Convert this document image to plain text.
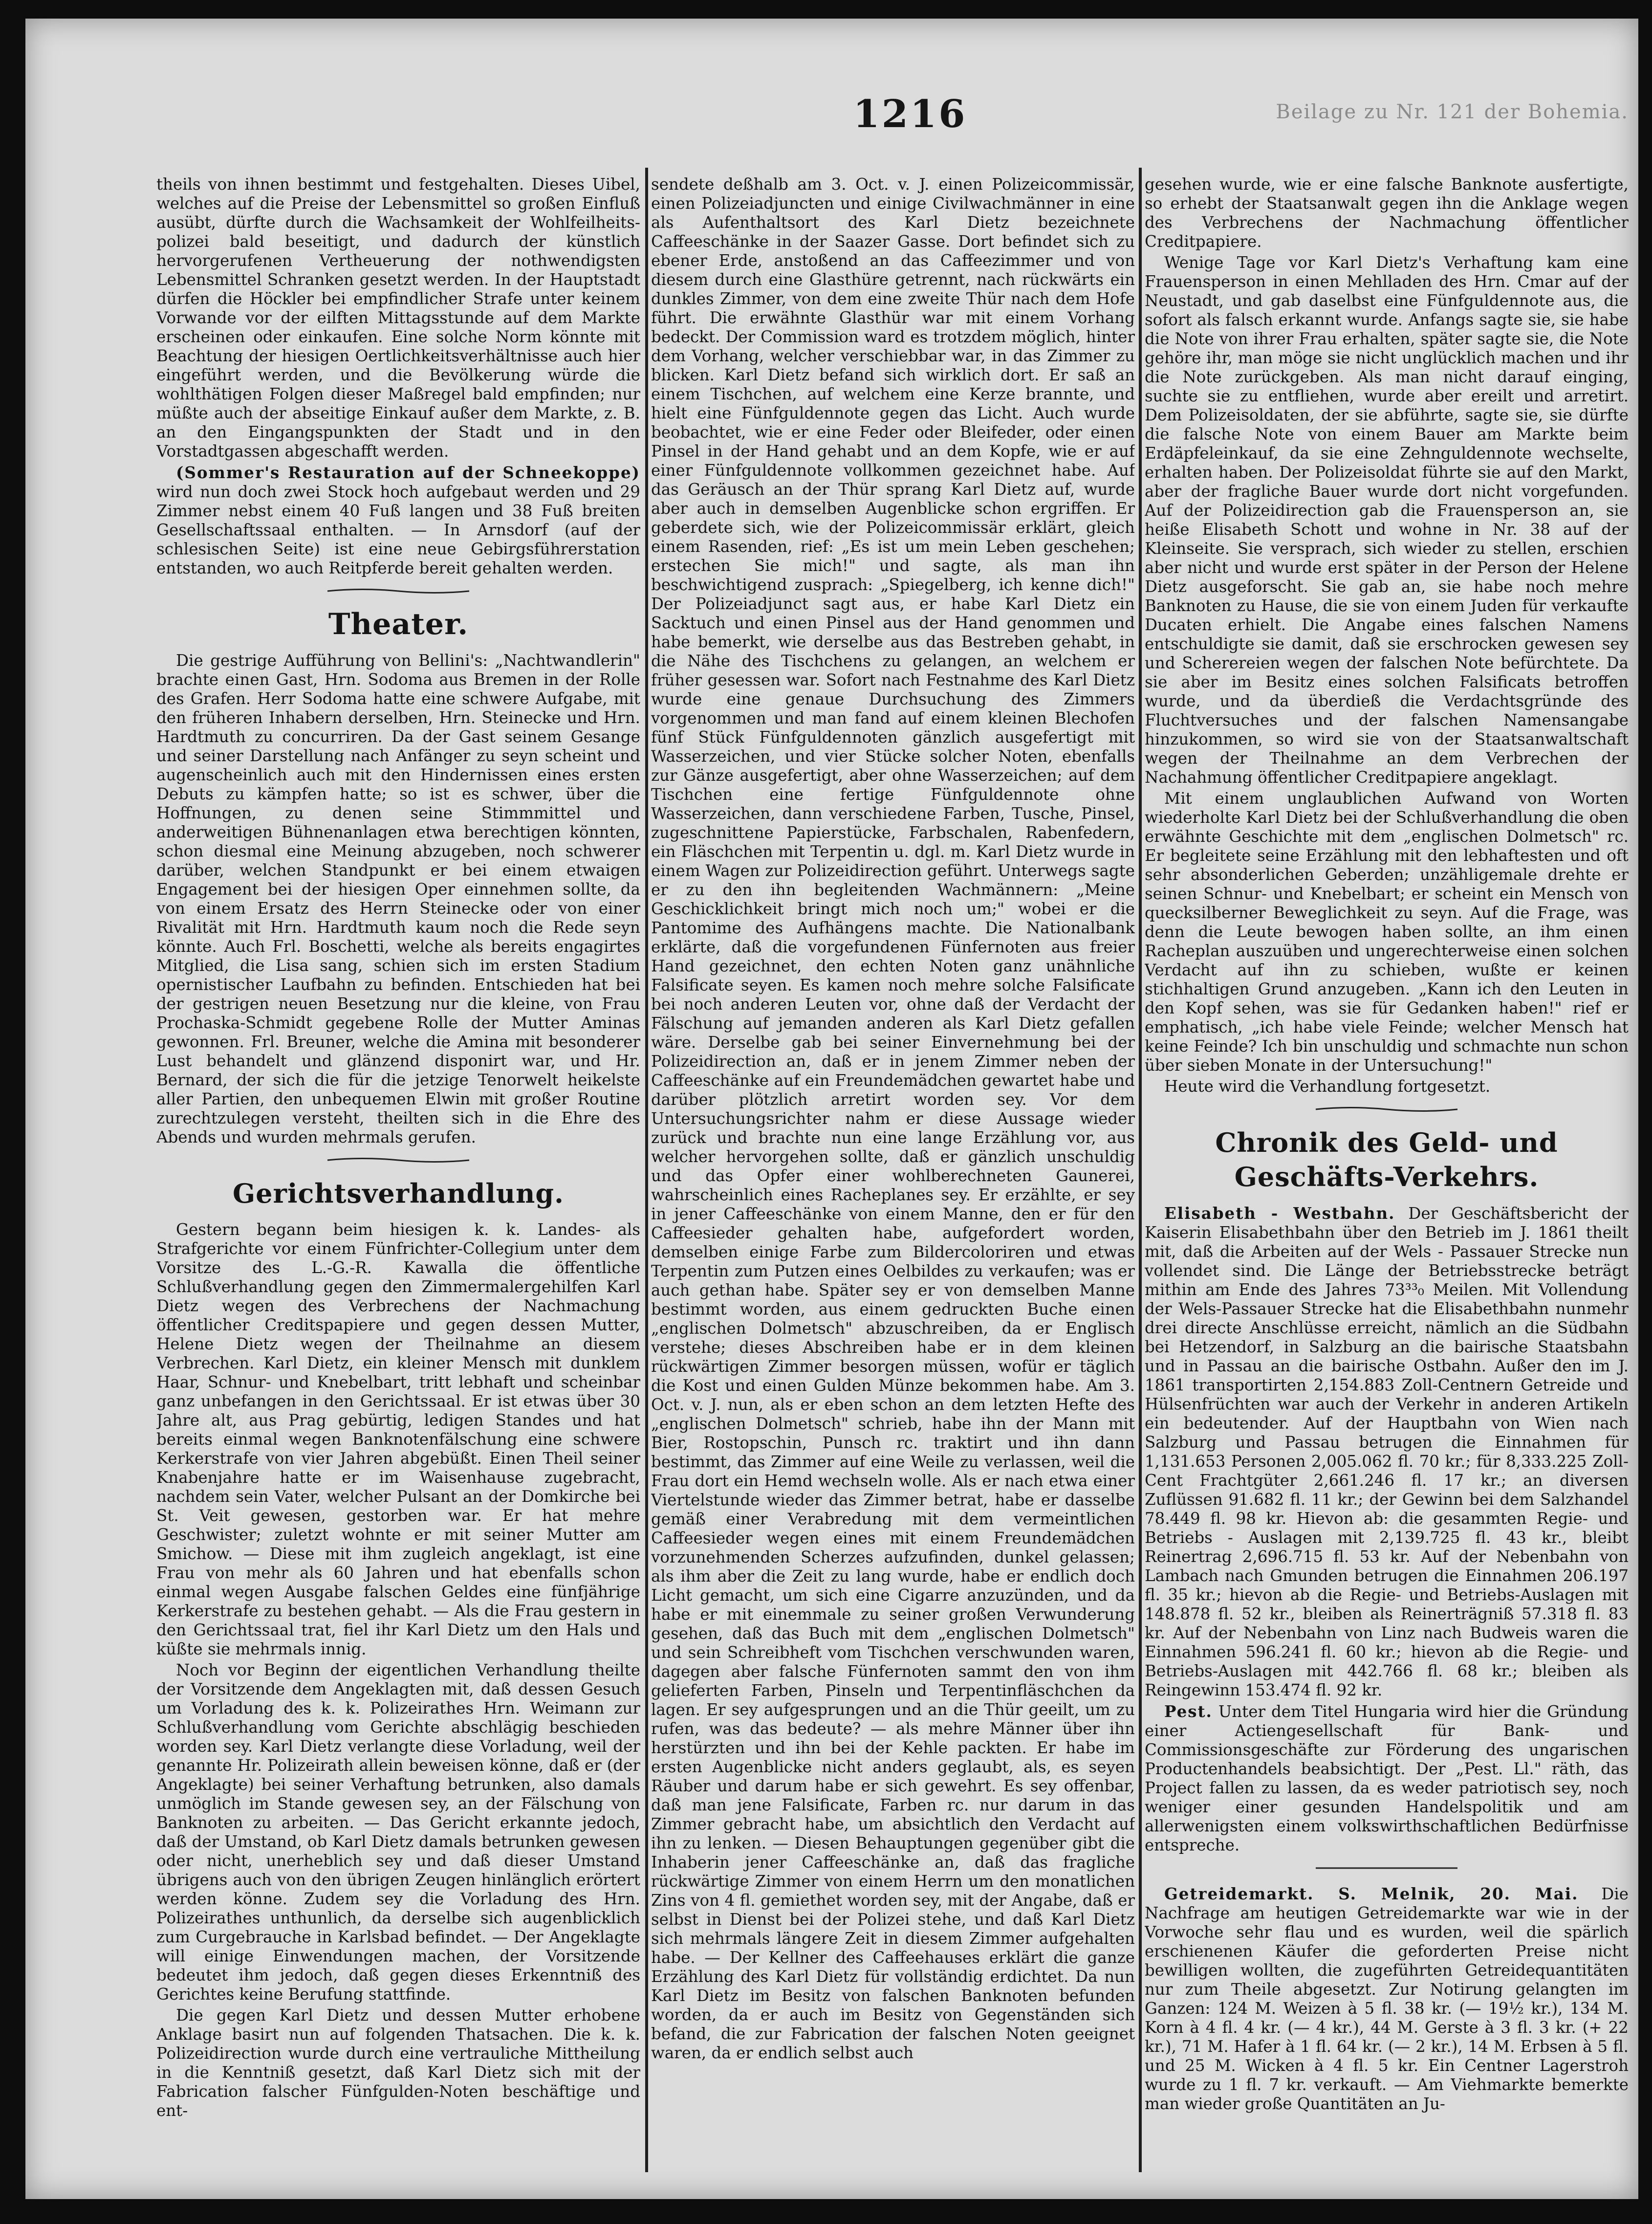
1216	Beilage zu Nr. 121 der Bohemia.

theils von ihnen bestimmt und festgehalten. Dieses Uibel, welches auf die Preise der Lebensmittel so großen Einfluß ausübt, dürfte durch die Wachsamkeit der Wohlfeilheits-polizei bald beseitigt, und dadurch der künstlich hervorgerufenen Vertheuerung der nothwendigsten Lebensmittel Schranken gesetzt werden. In der Hauptstadt dürfen die Höckler bei empfindlicher Strafe unter keinem Vorwande vor der eilften Mittagsstunde auf dem Markte erscheinen oder einkaufen. Eine solche Norm könnte mit Beachtung der hiesigen Oertlichkeitsverhältnisse auch hier eingeführt werden, und die Bevölkerung würde die wohlthätigen Folgen dieser Maßregel bald empfinden; nur müßte auch der abseitige Einkauf außer dem Markte, z. B. an den Eingangspunkten der Stadt und in den Vorstadtgassen abgeschafft werden.

(Sommer's Restauration auf der Schneekoppe) wird nun doch zwei Stock hoch aufgebaut werden und 29 Zimmer nebst einem 40 Fuß langen und 38 Fuß breiten Gesellschaftssaal enthalten. — In Arnsdorf (auf der schlesischen Seite) ist eine neue Gebirgsführerstation entstanden, wo auch Reitpferde bereit gehalten werden.

Theater.

Die gestrige Aufführung von Bellini's: „Nachtwandlerin" brachte einen Gast, Hrn. Sodoma aus Bremen in der Rolle des Grafen. Herr Sodoma hatte eine schwere Aufgabe, mit den früheren Inhabern derselben, Hrn. Steinecke und Hrn. Hardtmuth zu concurriren. Da der Gast seinem Gesange und seiner Darstellung nach Anfänger zu seyn scheint und augenscheinlich auch mit den Hindernissen eines ersten Debuts zu kämpfen hatte; so ist es schwer, über die Hoffnungen, zu denen seine Stimmmittel und anderweitigen Bühnenanlagen etwa berechtigen könnten, schon diesmal eine Meinung abzugeben, noch schwerer darüber, welchen Standpunkt er bei einem etwaigen Engagement bei der hiesigen Oper einnehmen sollte, da von einem Ersatz des Herrn Steinecke oder von einer Rivalität mit Hrn. Hardtmuth kaum noch die Rede seyn könnte. Auch Frl. Boschetti, welche als bereits engagirtes Mitglied, die Lisa sang, schien sich im ersten Stadium opernistischer Laufbahn zu befinden. Entschieden hat bei der gestrigen neuen Besetzung nur die kleine, von Frau Prochaska-Schmidt gegebene Rolle der Mutter Aminas gewonnen. Frl. Breuner, welche die Amina mit besonderer Lust behandelt und glänzend disponirt war, und Hr. Bernard, der sich die für die jetzige Tenorwelt heikelste aller Partien, den unbequemen Elwin mit großer Routine zurechtzulegen versteht, theilten sich in die Ehre des Abends und wurden mehrmals gerufen.

Gerichtsverhandlung.

Gestern begann beim hiesigen k. k. Landes- als Strafgerichte vor einem Fünfrichter-Collegium unter dem Vorsitze des L.-G.-R. Kawalla die öffentliche Schlußverhandlung gegen den Zimmermalergehilfen Karl Dietz wegen des Verbrechens der Nachmachung öffentlicher Creditspapiere und gegen dessen Mutter, Helene Dietz wegen der Theilnahme an diesem Verbrechen. Karl Dietz, ein kleiner Mensch mit dunklem Haar, Schnur- und Knebelbart, tritt lebhaft und scheinbar ganz unbefangen in den Gerichtssaal. Er ist etwas über 30 Jahre alt, aus Prag gebürtig, ledigen Standes und hat bereits einmal wegen Banknotenfälschung eine schwere Kerkerstrafe von vier Jahren abgebüßt. Einen Theil seiner Knabenjahre hatte er im Waisenhause zugebracht, nachdem sein Vater, welcher Pulsant an der Domkirche bei St. Veit gewesen, gestorben war. Er hat mehre Geschwister; zuletzt wohnte er mit seiner Mutter am Smichow. — Diese mit ihm zugleich angeklagt, ist eine Frau von mehr als 60 Jahren und hat ebenfalls schon einmal wegen Ausgabe falschen Geldes eine fünfjährige Kerkerstrafe zu bestehen gehabt. — Als die Frau gestern in den Gerichtssaal trat, fiel ihr Karl Dietz um den Hals und küßte sie mehrmals innig.

Noch vor Beginn der eigentlichen Verhandlung theilte der Vorsitzende dem Angeklagten mit, daß dessen Gesuch um Vorladung des k. k. Polizeirathes Hrn. Weimann zur Schlußverhandlung vom Gerichte abschlägig beschieden worden sey. Karl Dietz verlangte diese Vorladung, weil der genannte Hr. Polizeirath allein beweisen könne, daß er (der Angeklagte) bei seiner Verhaftung betrunken, also damals unmöglich im Stande gewesen sey, an der Fälschung von Banknoten zu arbeiten. — Das Gericht erkannte jedoch, daß der Umstand, ob Karl Dietz damals betrunken gewesen oder nicht, unerheblich sey und daß dieser Umstand übrigens auch von den übrigen Zeugen hinlänglich erörtert werden könne. Zudem sey die Vorladung des Hrn. Polizeirathes unthunlich, da derselbe sich augenblicklich zum Curgebrauche in Karlsbad befindet. — Der Angeklagte will einige Einwendungen machen, der Vorsitzende bedeutet ihm jedoch, daß gegen dieses Erkenntniß des Gerichtes keine Berufung stattfinde.

Die gegen Karl Dietz und dessen Mutter erhobene Anklage basirt nun auf folgenden Thatsachen. Die k. k. Polizeidirection wurde durch eine vertrauliche Mittheilung in die Kenntniß gesetzt, daß Karl Dietz sich mit der Fabrication falscher Fünfgulden-Noten beschäftige und ent-

sendete deßhalb am 3. Oct. v. J. einen Polizeicommissär, einen Polizeiadjuncten und einige Civilwachmänner in eine als Aufenthaltsort des Karl Dietz bezeichnete Caffeeschänke in der Saazer Gasse. Dort befindet sich zu ebener Erde, anstoßend an das Caffeezimmer und von diesem durch eine Glasthüre getrennt, nach rückwärts ein dunkles Zimmer, von dem eine zweite Thür nach dem Hofe führt. Die erwähnte Glasthür war mit einem Vorhang bedeckt. Der Commission ward es trotzdem möglich, hinter dem Vorhang, welcher verschiebbar war, in das Zimmer zu blicken. Karl Dietz befand sich wirklich dort. Er saß an einem Tischchen, auf welchem eine Kerze brannte, und hielt eine Fünfguldennote gegen das Licht. Auch wurde beobachtet, wie er eine Feder oder Bleifeder, oder einen Pinsel in der Hand gehabt und an dem Kopfe, wie er auf einer Fünfguldennote vollkommen gezeichnet habe. Auf das Geräusch an der Thür sprang Karl Dietz auf, wurde aber auch in demselben Augenblicke schon ergriffen. Er geberdete sich, wie der Polizeicommissär erklärt, gleich einem Rasenden, rief: „Es ist um mein Leben geschehen; erstechen Sie mich!" und sagte, als man ihn beschwichtigend zusprach: „Spiegelberg, ich kenne dich!" Der Polizeiadjunct sagt aus, er habe Karl Dietz ein Sacktuch und einen Pinsel aus der Hand genommen und habe bemerkt, wie derselbe aus das Bestreben gehabt, in die Nähe des Tischchens zu gelangen, an welchem er früher gesessen war. Sofort nach Festnahme des Karl Dietz wurde eine genaue Durchsuchung des Zimmers vorgenommen und man fand auf einem kleinen Blechofen fünf Stück Fünfguldennoten gänzlich ausgefertigt mit Wasserzeichen, und vier Stücke solcher Noten, ebenfalls zur Gänze ausgefertigt, aber ohne Wasserzeichen; auf dem Tischchen eine fertige Fünfguldennote ohne Wasserzeichen, dann verschiedene Farben, Tusche, Pinsel, zugeschnittene Papierstücke, Farbschalen, Rabenfedern, ein Fläschchen mit Terpentin u. dgl. m. Karl Dietz wurde in einem Wagen zur Polizeidirection geführt. Unterwegs sagte er zu den ihn begleitenden Wachmännern: „Meine Geschicklichkeit bringt mich noch um;" wobei er die Pantomime des Aufhängens machte. Die Nationalbank erklärte, daß die vorgefundenen Fünfernoten aus freier Hand gezeichnet, den echten Noten ganz unähnliche Falsificate seyen. Es kamen noch mehre solche Falsificate bei noch anderen Leuten vor, ohne daß der Verdacht der Fälschung auf jemanden anderen als Karl Dietz gefallen wäre. Derselbe gab bei seiner Einvernehmung bei der Polizeidirection an, daß er in jenem Zimmer neben der Caffeeschänke auf ein Freundemädchen gewartet habe und darüber plötzlich arretirt worden sey. Vor dem Untersuchungsrichter nahm er diese Aussage wieder zurück und brachte nun eine lange Erzählung vor, aus welcher hervorgehen sollte, daß er gänzlich unschuldig und das Opfer einer wohlberechneten Gaunerei, wahrscheinlich eines Racheplanes sey. Er erzählte, er sey in jener Caffeeschänke von einem Manne, den er für den Caffeesieder gehalten habe, aufgefordert worden, demselben einige Farbe zum Bildercoloriren und etwas Terpentin zum Putzen eines Oelbildes zu verkaufen; was er auch gethan habe. Später sey er von demselben Manne bestimmt worden, aus einem gedruckten Buche einen „englischen Dolmetsch" abzuschreiben, da er Englisch verstehe; dieses Abschreiben habe er in dem kleinen rückwärtigen Zimmer besorgen müssen, wofür er täglich die Kost und einen Gulden Münze bekommen habe. Am 3. Oct. v. J. nun, als er eben schon an dem letzten Hefte des „englischen Dolmetsch" schrieb, habe ihn der Mann mit Bier, Rostopschin, Punsch rc. traktirt und ihn dann bestimmt, das Zimmer auf eine Weile zu verlassen, weil die Frau dort ein Hemd wechseln wolle. Als er nach etwa einer Viertelstunde wieder das Zimmer betrat, habe er dasselbe gemäß einer Verabredung mit dem vermeintlichen Caffeesieder wegen eines mit einem Freundemädchen vorzunehmenden Scherzes aufzufinden, dunkel gelassen; als ihm aber die Zeit zu lang wurde, habe er endlich doch Licht gemacht, um sich eine Cigarre anzuzünden, und da habe er mit einemmale zu seiner großen Verwunderung gesehen, daß das Buch mit dem „englischen Dolmetsch" und sein Schreibheft vom Tischchen verschwunden waren, dagegen aber falsche Fünfernoten sammt den von ihm gelieferten Farben, Pinseln und Terpentinfläschchen da lagen. Er sey aufgesprungen und an die Thür geeilt, um zu rufen, was das bedeute? — als mehre Männer über ihn herstürzten und ihn bei der Kehle packten. Er habe im ersten Augenblicke nicht anders geglaubt, als, es seyen Räuber und darum habe er sich gewehrt. Es sey offenbar, daß man jene Falsificate, Farben rc. nur darum in das Zimmer gebracht habe, um absichtlich den Verdacht auf ihn zu lenken. — Diesen Behauptungen gegenüber gibt die Inhaberin jener Caffeeschänke an, daß das fragliche rückwärtige Zimmer von einem Herrn um den monatlichen Zins von 4 fl. gemiethet worden sey, mit der Angabe, daß er selbst in Dienst bei der Polizei stehe, und daß Karl Dietz sich mehrmals längere Zeit in diesem Zimmer aufgehalten habe. — Der Kellner des Caffeehauses erklärt die ganze Erzählung des Karl Dietz für vollständig erdichtet. Da nun Karl Dietz im Besitz von falschen Banknoten befunden worden, da er auch im Besitz von Gegenständen sich befand, die zur Fabrication der falschen Noten geeignet waren, da er endlich selbst auch

gesehen wurde, wie er eine falsche Banknote ausfertigte, so erhebt der Staatsanwalt gegen ihn die Anklage wegen des Verbrechens der Nachmachung öffentlicher Creditpapiere.

Wenige Tage vor Karl Dietz's Verhaftung kam eine Frauensperson in einen Mehlladen des Hrn. Cmar auf der Neustadt, und gab daselbst eine Fünfguldennote aus, die sofort als falsch erkannt wurde. Anfangs sagte sie, sie habe die Note von ihrer Frau erhalten, später sagte sie, die Note gehöre ihr, man möge sie nicht unglücklich machen und ihr die Note zurückgeben. Als man nicht darauf einging, suchte sie zu entfliehen, wurde aber ereilt und arretirt. Dem Polizeisoldaten, der sie abführte, sagte sie, sie dürfte die falsche Note von einem Bauer am Markte beim Erdäpfeleinkauf, da sie eine Zehnguldennote wechselte, erhalten haben. Der Polizeisoldat führte sie auf den Markt, aber der fragliche Bauer wurde dort nicht vorgefunden. Auf der Polizeidirection gab die Frauensperson an, sie heiße Elisabeth Schott und wohne in Nr. 38 auf der Kleinseite. Sie versprach, sich wieder zu stellen, erschien aber nicht und wurde erst später in der Person der Helene Dietz ausgeforscht. Sie gab an, sie habe noch mehre Banknoten zu Hause, die sie von einem Juden für verkaufte Ducaten erhielt. Die Angabe eines falschen Namens entschuldigte sie damit, daß sie erschrocken gewesen sey und Scherereien wegen der falschen Note befürchtete. Da sie aber im Besitz eines solchen Falsificats betroffen wurde, und da überdieß die Verdachtsgründe des Fluchtversuches und der falschen Namensangabe hinzukommen, so wird sie von der Staatsanwaltschaft wegen der Theilnahme an dem Verbrechen der Nachahmung öffentlicher Creditpapiere angeklagt.

Mit einem unglaublichen Aufwand von Worten wiederholte Karl Dietz bei der Schlußverhandlung die oben erwähnte Geschichte mit dem „englischen Dolmetsch" rc. Er begleitete seine Erzählung mit den lebhaftesten und oft sehr absonderlichen Geberden; unzähligemale drehte er seinen Schnur- und Knebelbart; er scheint ein Mensch von quecksilberner Beweglichkeit zu seyn. Auf die Frage, was denn die Leute bewogen haben sollte, an ihm einen Racheplan auszuüben und ungerechterweise einen solchen Verdacht auf ihn zu schieben, wußte er keinen stichhaltigen Grund anzugeben. „Kann ich den Leuten in den Kopf sehen, was sie für Gedanken haben!" rief er emphatisch, „ich habe viele Feinde; welcher Mensch hat keine Feinde? Ich bin unschuldig und schmachte nun schon über sieben Monate in der Untersuchung!"

Heute wird die Verhandlung fortgesetzt.

Chronik des Geld- und Geschäfts-Verkehrs.

Elisabeth - Westbahn. Der Geschäftsbericht der Kaiserin Elisabethbahn über den Betrieb im J. 1861 theilt mit, daß die Arbeiten auf der Wels - Passauer Strecke nun vollendet sind. Die Länge der Betriebsstrecke beträgt mithin am Ende des Jahres 73³³₀ Meilen. Mit Vollendung der Wels-Passauer Strecke hat die Elisabethbahn nunmehr drei directe Anschlüsse erreicht, nämlich an die Südbahn bei Hetzendorf, in Salzburg an die bairische Staatsbahn und in Passau an die bairische Ostbahn. Außer den im J. 1861 transportirten 2,154.883 Zoll-Centnern Getreide und Hülsenfrüchten war auch der Verkehr in anderen Artikeln ein bedeutender. Auf der Hauptbahn von Wien nach Salzburg und Passau betrugen die Einnahmen für 1,131.653 Personen 2,005.062 fl. 70 kr.; für 8,333.225 Zoll-Cent Frachtgüter 2,661.246 fl. 17 kr.; an diversen Zuflüssen 91.682 fl. 11 kr.; der Gewinn bei dem Salzhandel 78.449 fl. 98 kr. Hievon ab: die gesammten Regie- und Betriebs - Auslagen mit 2,139.725 fl. 43 kr., bleibt Reinertrag 2,696.715 fl. 53 kr. Auf der Nebenbahn von Lambach nach Gmunden betrugen die Einnahmen 206.197 fl. 35 kr.; hievon ab die Regie- und Betriebs-Auslagen mit 148.878 fl. 52 kr., bleiben als Reinerträgniß 57.318 fl. 83 kr. Auf der Nebenbahn von Linz nach Budweis waren die Einnahmen 596.241 fl. 60 kr.; hievon ab die Regie- und Betriebs-Auslagen mit 442.766 fl. 68 kr.; bleiben als Reingewinn 153.474 fl. 92 kr.

Pest. Unter dem Titel Hungaria wird hier die Gründung einer Actiengesellschaft für Bank- und Commissionsgeschäfte zur Förderung des ungarischen Productenhandels beabsichtigt. Der „Pest. Ll." räth, das Project fallen zu lassen, da es weder patriotisch sey, noch weniger einer gesunden Handelspolitik und am allerwenigsten einem volkswirthschaftlichen Bedürfnisse entspreche.

Getreidemarkt. S. Melnik, 20. Mai. Die Nachfrage am heutigen Getreidemarkte war wie in der Vorwoche sehr flau und es wurden, weil die spärlich erschienenen Käufer die geforderten Preise nicht bewilligen wollten, die zugeführten Getreidequantitäten nur zum Theile abgesetzt. Zur Notirung gelangten im Ganzen: 124 M. Weizen à 5 fl. 38 kr. (— 19½ kr.), 134 M. Korn à 4 fl. 4 kr. (— 4 kr.), 44 M. Gerste à 3 fl. 3 kr. (+ 22 kr.), 71 M. Hafer à 1 fl. 64 kr. (— 2 kr.), 14 M. Erbsen à 5 fl. und 25 M. Wicken à 4 fl. 5 kr. Ein Centner Lagerstroh wurde zu 1 fl. 7 kr. verkauft. — Am Viehmarkte bemerkte man wieder große Quantitäten an Ju-
